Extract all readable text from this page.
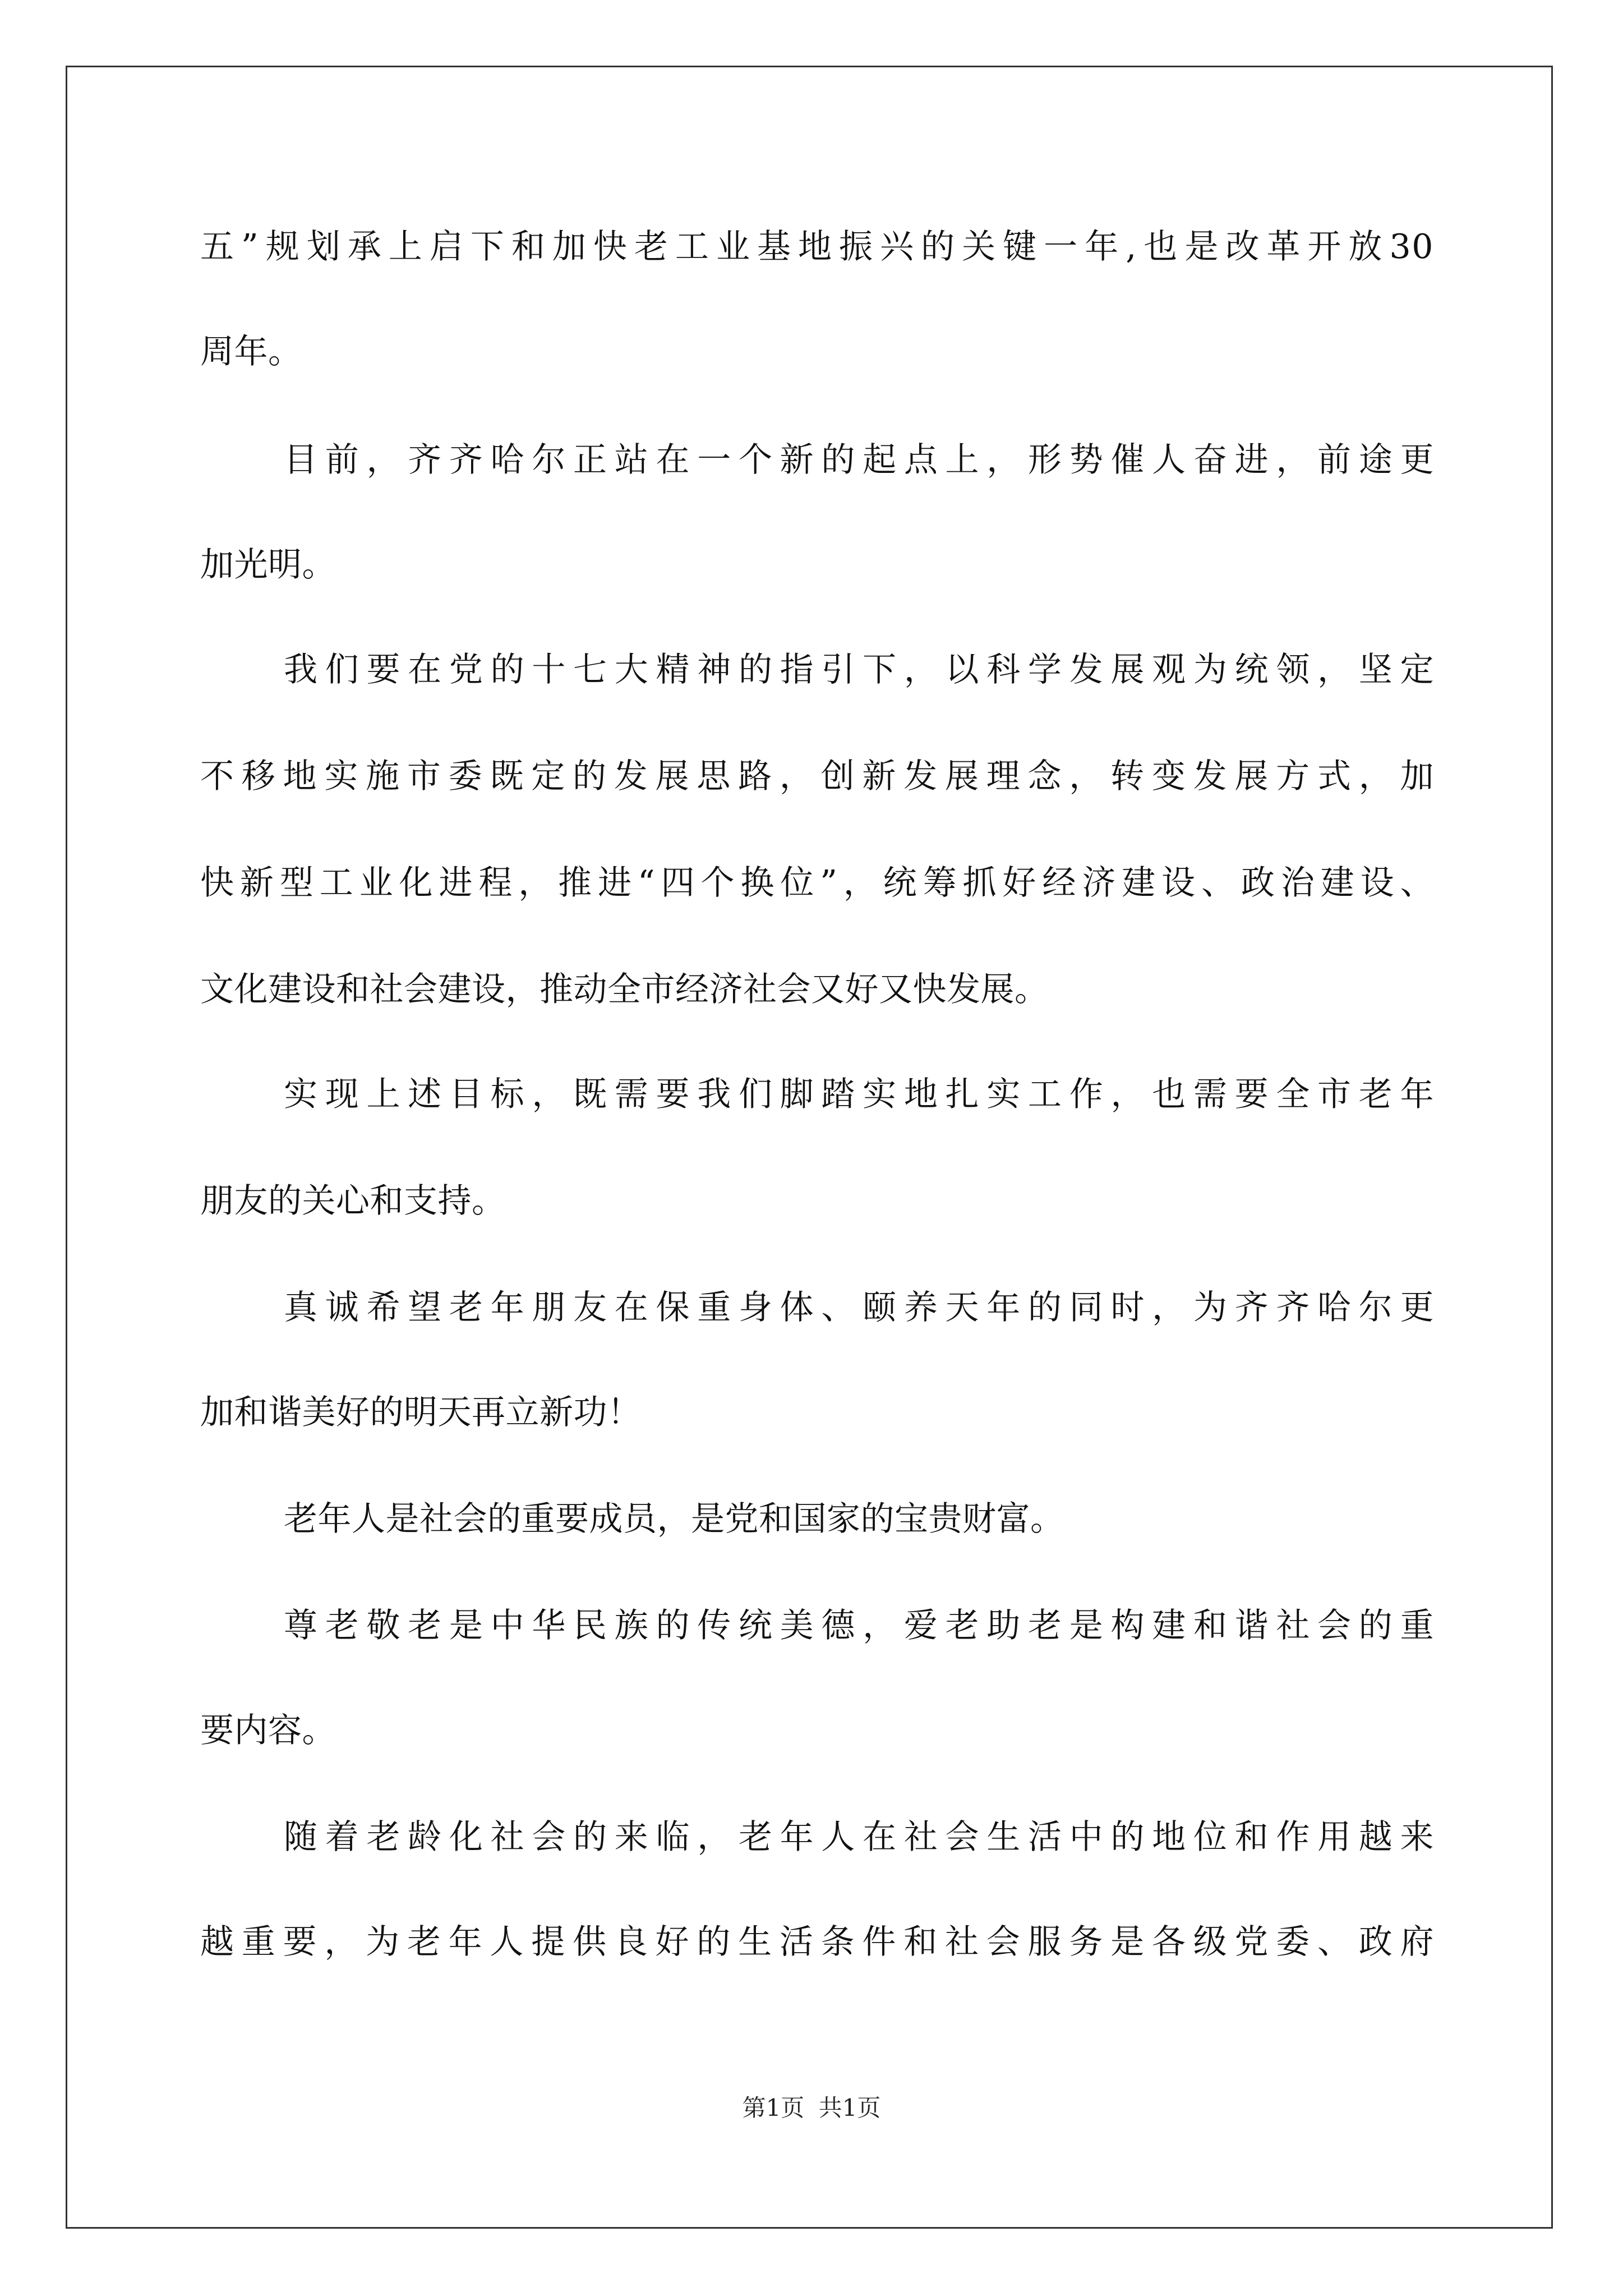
五”规划承上启下和加快老工业基地振兴的关键一年,也是改革开放30
周年。
目前，齐齐哈尔正站在一个新的起点上，形势催人奋进，前途更
加光明。
我们要在党的十七大精神的指引下，以科学发展观为统领，坚定
不移地实施市委既定的发展思路，创新发展理念，转变发展方式，加
快新型工业化进程，推进“四个换位”，统筹抓好经济建设、政治建设、
文化建设和社会建设，推动全市经济社会又好又快发展。
实现上述目标，既需要我们脚踏实地扎实工作，也需要全市老年
朋友的关心和支持。
真诚希望老年朋友在保重身体、颐养天年的同时，为齐齐哈尔更
加和谐美好的明天再立新功！
老年人是社会的重要成员，是党和国家的宝贵财富。
尊老敬老是中华民族的传统美德，爱老助老是构建和谐社会的重
要内容。
随着老龄化社会的来临，老年人在社会生活中的地位和作用越来
越重要，为老年人提供良好的生活条件和社会服务是各级党委、政府
第1页 共1页
